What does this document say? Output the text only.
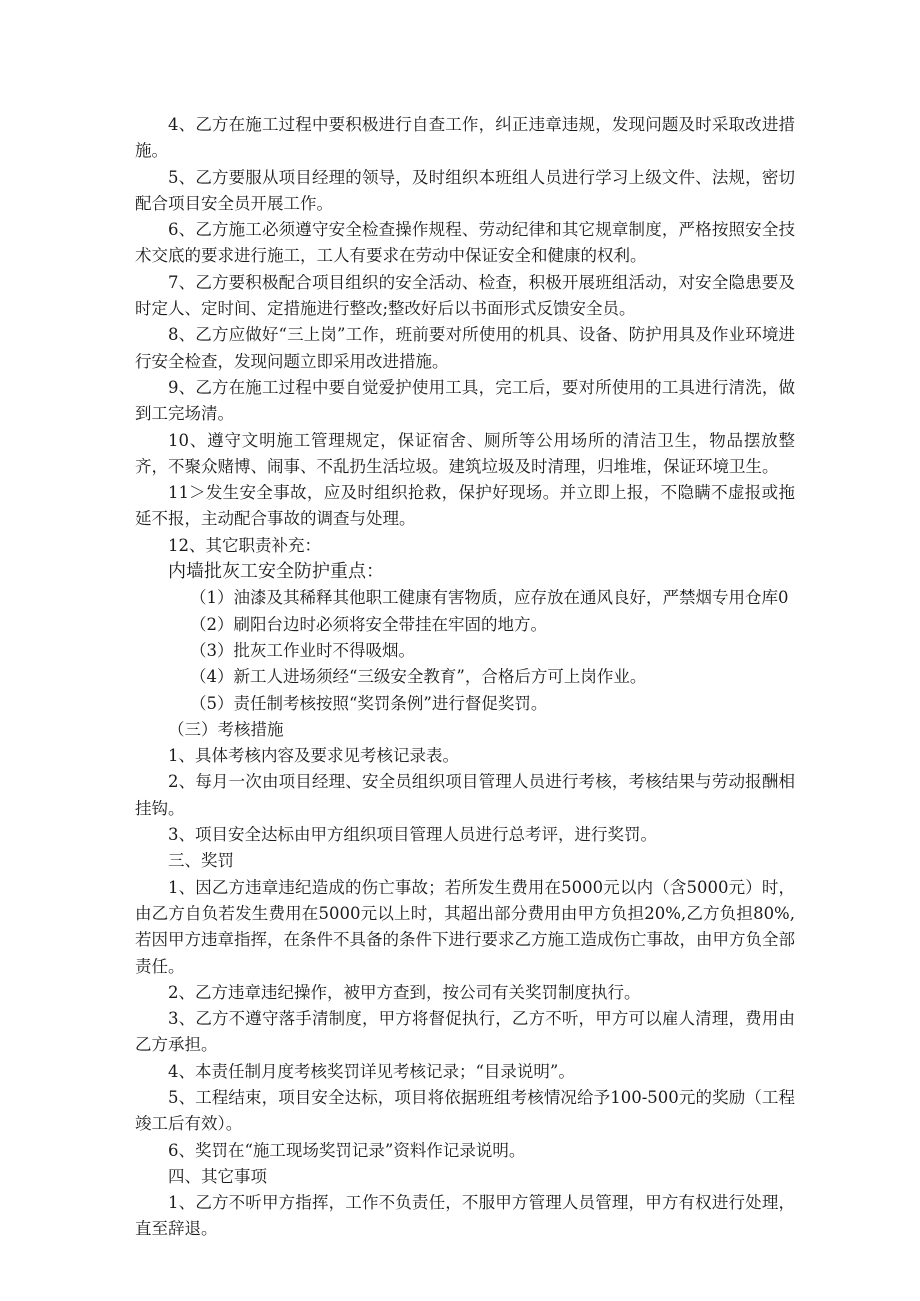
4、乙方在施工过程中要积极进行自查工作，纠正违章违规，发现问题及时采取改进措施。

5、乙方要服从项目经理的领导，及时组织本班组人员进行学习上级文件、法规，密切配合项目安全员开展工作。

6、乙方施工必须遵守安全检查操作规程、劳动纪律和其它规章制度，严格按照安全技术交底的要求进行施工，工人有要求在劳动中保证安全和健康的权利。

7、乙方要积极配合项目组织的安全活动、检查，积极开展班组活动，对安全隐患要及时定人、定时间、定措施进行整改;整改好后以书面形式反馈安全员。

8、乙方应做好“三上岗”工作，班前要对所使用的机具、设备、防护用具及作业环境进行安全检查，发现问题立即采用改进措施。

9、乙方在施工过程中要自觉爱护使用工具，完工后，要对所使用的工具进行清洗，做到工完场清。

10、遵守文明施工管理规定，保证宿舍、厕所等公用场所的清洁卫生，物品摆放整齐，不聚众赌博、闹事、不乱扔生活垃圾。建筑垃圾及时清理，归堆堆，保证环境卫生。

11＞发生安全事故，应及时组织抢救，保护好现场。并立即上报，不隐瞒不虚报或拖延不报，主动配合事故的调查与处理。

12、其它职责补充：

内墙批灰工安全防护重点：

（1）油漆及其稀释其他职工健康有害物质，应存放在通风良好，严禁烟专用仓库0

（2）刷阳台边时必须将安全带挂在牢固的地方。

（3）批灰工作业时不得吸烟。

（4）新工人进场须经“三级安全教育”，合格后方可上岗作业。

（5）责任制考核按照“奖罚条例”进行督促奖罚。

（三）考核措施

1、具体考核内容及要求见考核记录表。

2、每月一次由项目经理、安全员组织项目管理人员进行考核，考核结果与劳动报酬相挂钩。

3、项目安全达标由甲方组织项目管理人员进行总考评，进行奖罚。

三、奖罚

1、因乙方违章违纪造成的伤亡事故；若所发生费用在5000元以内（含5000元）时，由乙方自负若发生费用在5000元以上时，其超出部分费用由甲方负担20%,乙方负担80%,若因甲方违章指挥，在条件不具备的条件下进行要求乙方施工造成伤亡事故，由甲方负全部责任。

2、乙方违章违纪操作，被甲方查到，按公司有关奖罚制度执行。

3、乙方不遵守落手清制度，甲方将督促执行，乙方不听，甲方可以雇人清理，费用由乙方承担。

4、本责任制月度考核奖罚详见考核记录；“目录说明”。

5、工程结束，项目安全达标，项目将依据班组考核情况给予100-500元的奖励（工程竣工后有效）。

6、奖罚在“施工现场奖罚记录”资料作记录说明。

四、其它事项

1、乙方不听甲方指挥，工作不负责任，不服甲方管理人员管理，甲方有权进行处理，直至辞退。
